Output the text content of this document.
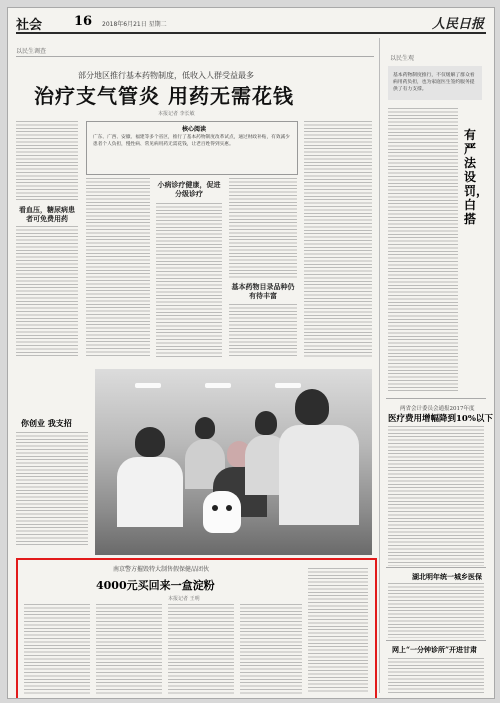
社会 16 2018年6月21日 星期二	人民日报
以民生调查
以民生观
部分地区推行基本药物制度，低收入人群受益最多
治疗支气管炎 用药无需花钱
本报记者 李长敏
核心阅读
广东、广西、安徽、福建等多个省区，推行了基本药物制度改革试点，通过财政补贴，有效减少患者个人负担，慢性病、常见病用药无需花钱，让老百姓得到实惠。
看血压，糖尿病患者可免费用药
小病诊疗健康，促进分级诊疗
基本药物目录品种仍有待丰富
你创业 我支招
基本药物制度推行，不仅缓解了群众看病用药负担，也为家庭医生签约服务提供了有力支撑。
有严法设罚，白搭
两省会计委员会通报2017年度
医疗费用增幅降到10%以下
湖北明年统一城乡医保
网上“一分钟诊所”开进甘肃
南京警方摧毁特大制售假保健品团伙
4000元买回来一盒淀粉
本报记者 王明
